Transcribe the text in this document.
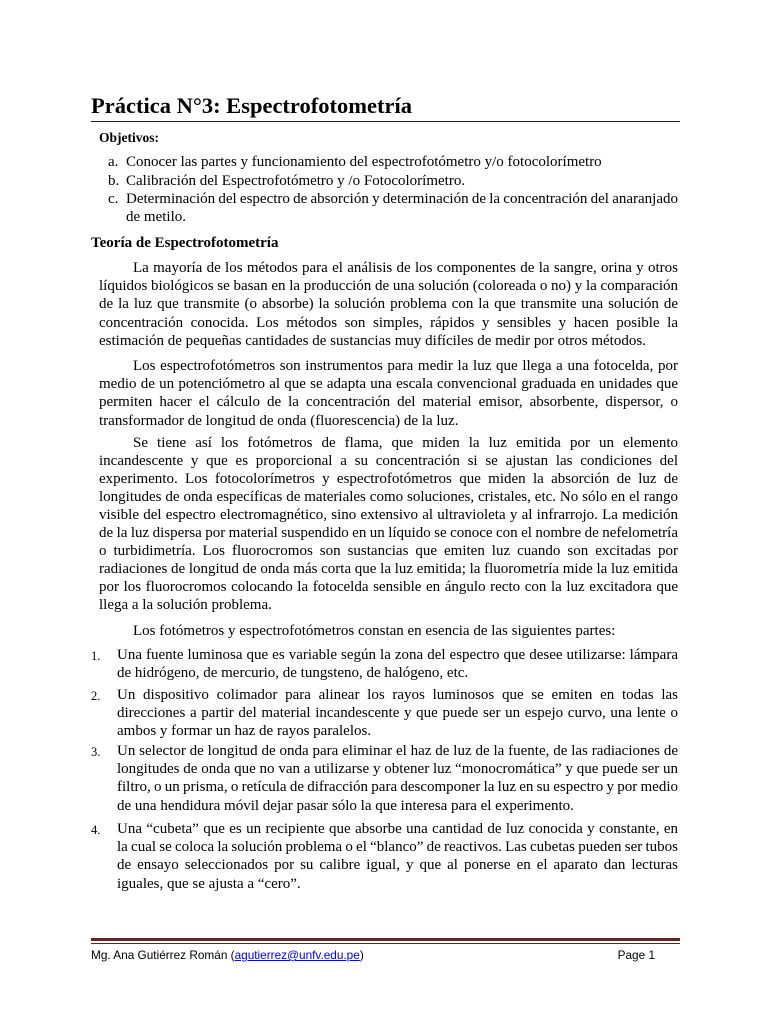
Práctica N°3: Espectrofotometría
Objetivos:
a. Conocer las partes y funcionamiento del espectrofotómetro y/o fotocolorímetro
b. Calibración del Espectrofotómetro y /o Fotocolorímetro.
c. Determinación del espectro de absorción y determinación de la concentración del anaranjado
de metilo.
Teoría de Espectrofotometría
La mayoría de los métodos para el análisis de los componentes de la sangre, orina y otros
líquidos biológicos se basan en la producción de una solución (coloreada o no) y la comparación
de la luz que transmite (o absorbe) la solución problema con la que transmite una solución de
concentración conocida. Los métodos son simples, rápidos y sensibles y hacen posible la
estimación de pequeñas cantidades de sustancias muy difíciles de medir por otros métodos.
Los espectrofotómetros son instrumentos para medir la luz que llega a una fotocelda, por
medio de un potenciómetro al que se adapta una escala convencional graduada en unidades que
permiten hacer el cálculo de la concentración del material emisor, absorbente, dispersor, o
transformador de longitud de onda (fluorescencia) de la luz.
Se tiene así los fotómetros de flama, que miden la luz emitida por un elemento
incandescente y que es proporcional a su concentración si se ajustan las condiciones del
experimento. Los fotocolorímetros y espectrofotómetros que miden la absorción de luz de
longitudes de onda específicas de materiales como soluciones, cristales, etc. No sólo en el rango
visible del espectro electromagnético, sino extensivo al ultravioleta y al infrarrojo. La medición
de la luz dispersa por material suspendido en un líquido se conoce con el nombre de nefelometría
o turbidimetría. Los fluorocromos son sustancias que emiten luz cuando son excitadas por
radiaciones de longitud de onda más corta que la luz emitida; la fluorometría mide la luz emitida
por los fluorocromos colocando la fotocelda sensible en ángulo recto con la luz excitadora que
llega a la solución problema.
Los fotómetros y espectrofotómetros constan en esencia de las siguientes partes:
1. Una fuente luminosa que es variable según la zona del espectro que desee utilizarse: lámpara
de hidrógeno, de mercurio, de tungsteno, de halógeno, etc.
2. Un dispositivo colimador para alinear los rayos luminosos que se emiten en todas las
direcciones a partir del material incandescente y que puede ser un espejo curvo, una lente o
ambos y formar un haz de rayos paralelos.
3. Un selector de longitud de onda para eliminar el haz de luz de la fuente, de las radiaciones de
longitudes de onda que no van a utilizarse y obtener luz “monocromática” y que puede ser un
filtro, o un prisma, o retícula de difracción para descomponer la luz en su espectro y por medio
de una hendidura móvil dejar pasar sólo la que interesa para el experimento.
4. Una “cubeta” que es un recipiente que absorbe una cantidad de luz conocida y constante, en
la cual se coloca la solución problema o el “blanco” de reactivos. Las cubetas pueden ser tubos
de ensayo seleccionados por su calibre igual, y que al ponerse en el aparato dan lecturas
iguales, que se ajusta a “cero”.
Mg. Ana Gutiérrez Román (agutierrez@unfv.edu.pe)	Page 1
